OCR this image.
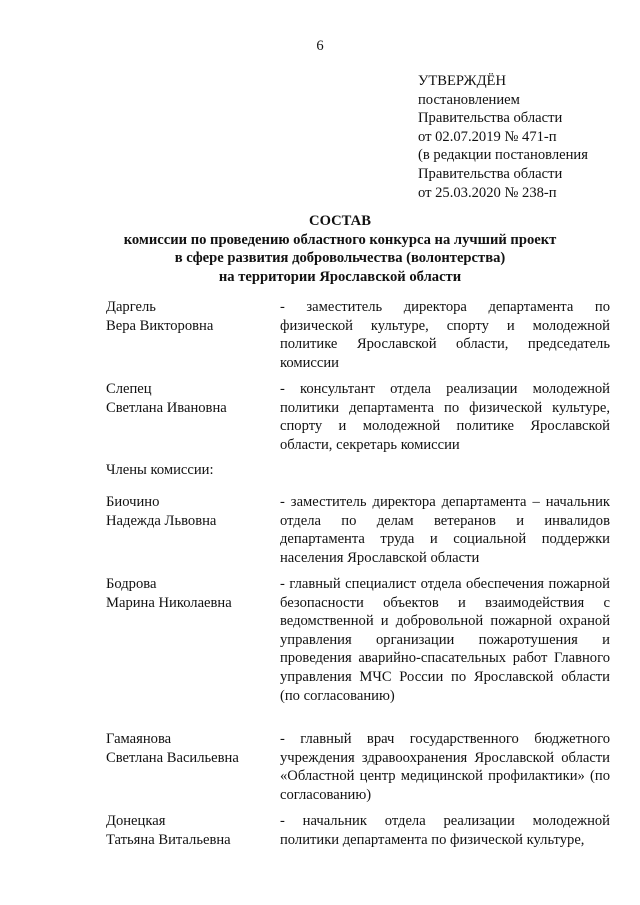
6
УТВЕРЖДЁН
постановлением
Правительства области
от 02.07.2019 № 471-п
(в редакции постановления
Правительства области
от 25.03.2020 № 238-п
СОСТАВ
комиссии по проведению областного конкурса на лучший проект
в сфере развития добровольчества (волонтерства)
на территории Ярославской области
Даргель
Вера Викторовна
- заместитель директора департамента по физической культуре, спорту и молодежной политике Ярославской области, председатель комиссии
Слепец
Светлана Ивановна
- консультант отдела реализации молодежной политики департамента по физической культуре, спорту и молодежной политике Ярославской области, секретарь комиссии
Члены комиссии:
Биочино
Надежда Львовна
- заместитель директора департамента – начальник отдела по делам ветеранов и инвалидов департамента труда и социальной поддержки населения Ярославской области
Бодрова
Марина Николаевна
- главный специалист отдела обеспечения пожарной безопасности объектов и взаимодействия с ведомственной и добровольной пожарной охраной управления организации пожаротушения и проведения аварийно-спасательных работ Главного управления МЧС России по Ярославской области (по согласованию)
Гамаянова
Светлана Васильевна
- главный врач государственного бюджетного учреждения здравоохранения Ярославской области «Областной центр медицинской профилактики» (по согласованию)
Донецкая
Татьяна Витальевна
- начальник отдела реализации молодежной политики департамента по физической культуре,
